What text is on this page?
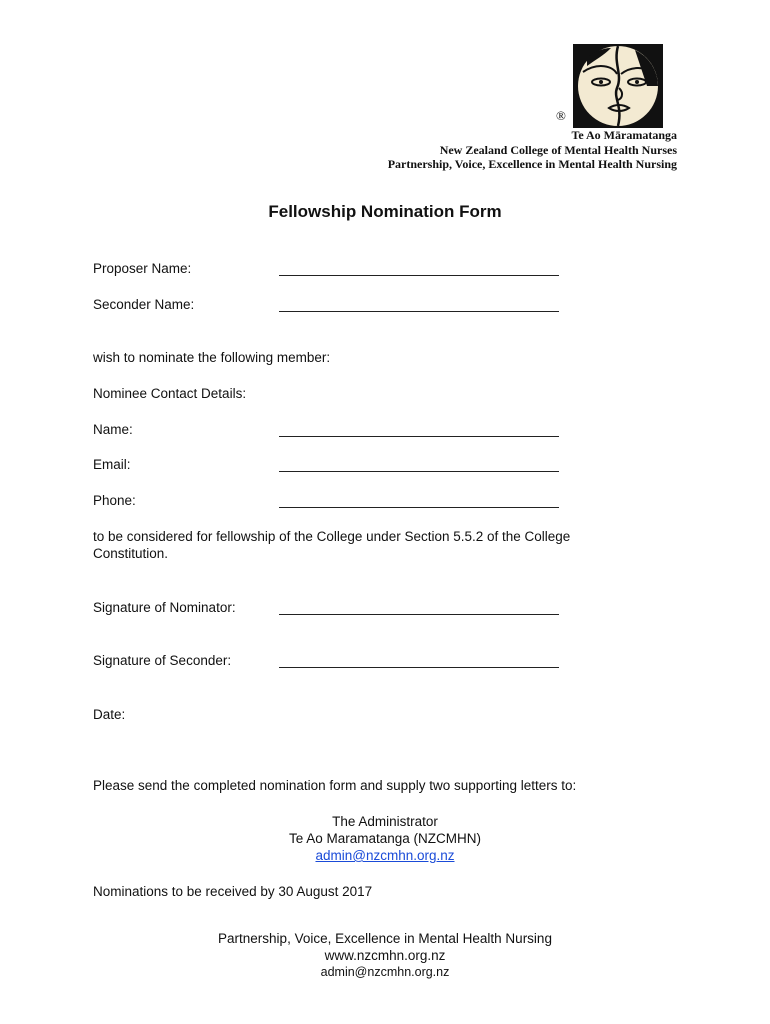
®
Te Ao Māramatanga
New Zealand College of Mental Health Nurses
Partnership, Voice, Excellence in Mental Health Nursing
Fellowship Nomination Form
Proposer Name:
Seconder Name:
wish to nominate the following member:
Nominee Contact Details:
Name:
Email:
Phone:
to be considered for fellowship of the College under Section 5.5.2 of the College
Constitution.
Signature of Nominator:
Signature of Seconder:
Date:
Please send the completed nomination form and supply two supporting letters to:
The Administrator
Te Ao Maramatanga (NZCMHN)
admin@nzcmhn.org.nz
Nominations to be received by 30 August 2017
Partnership, Voice, Excellence in Mental Health Nursing
www.nzcmhn.org.nz
admin@nzcmhn.org.nz
